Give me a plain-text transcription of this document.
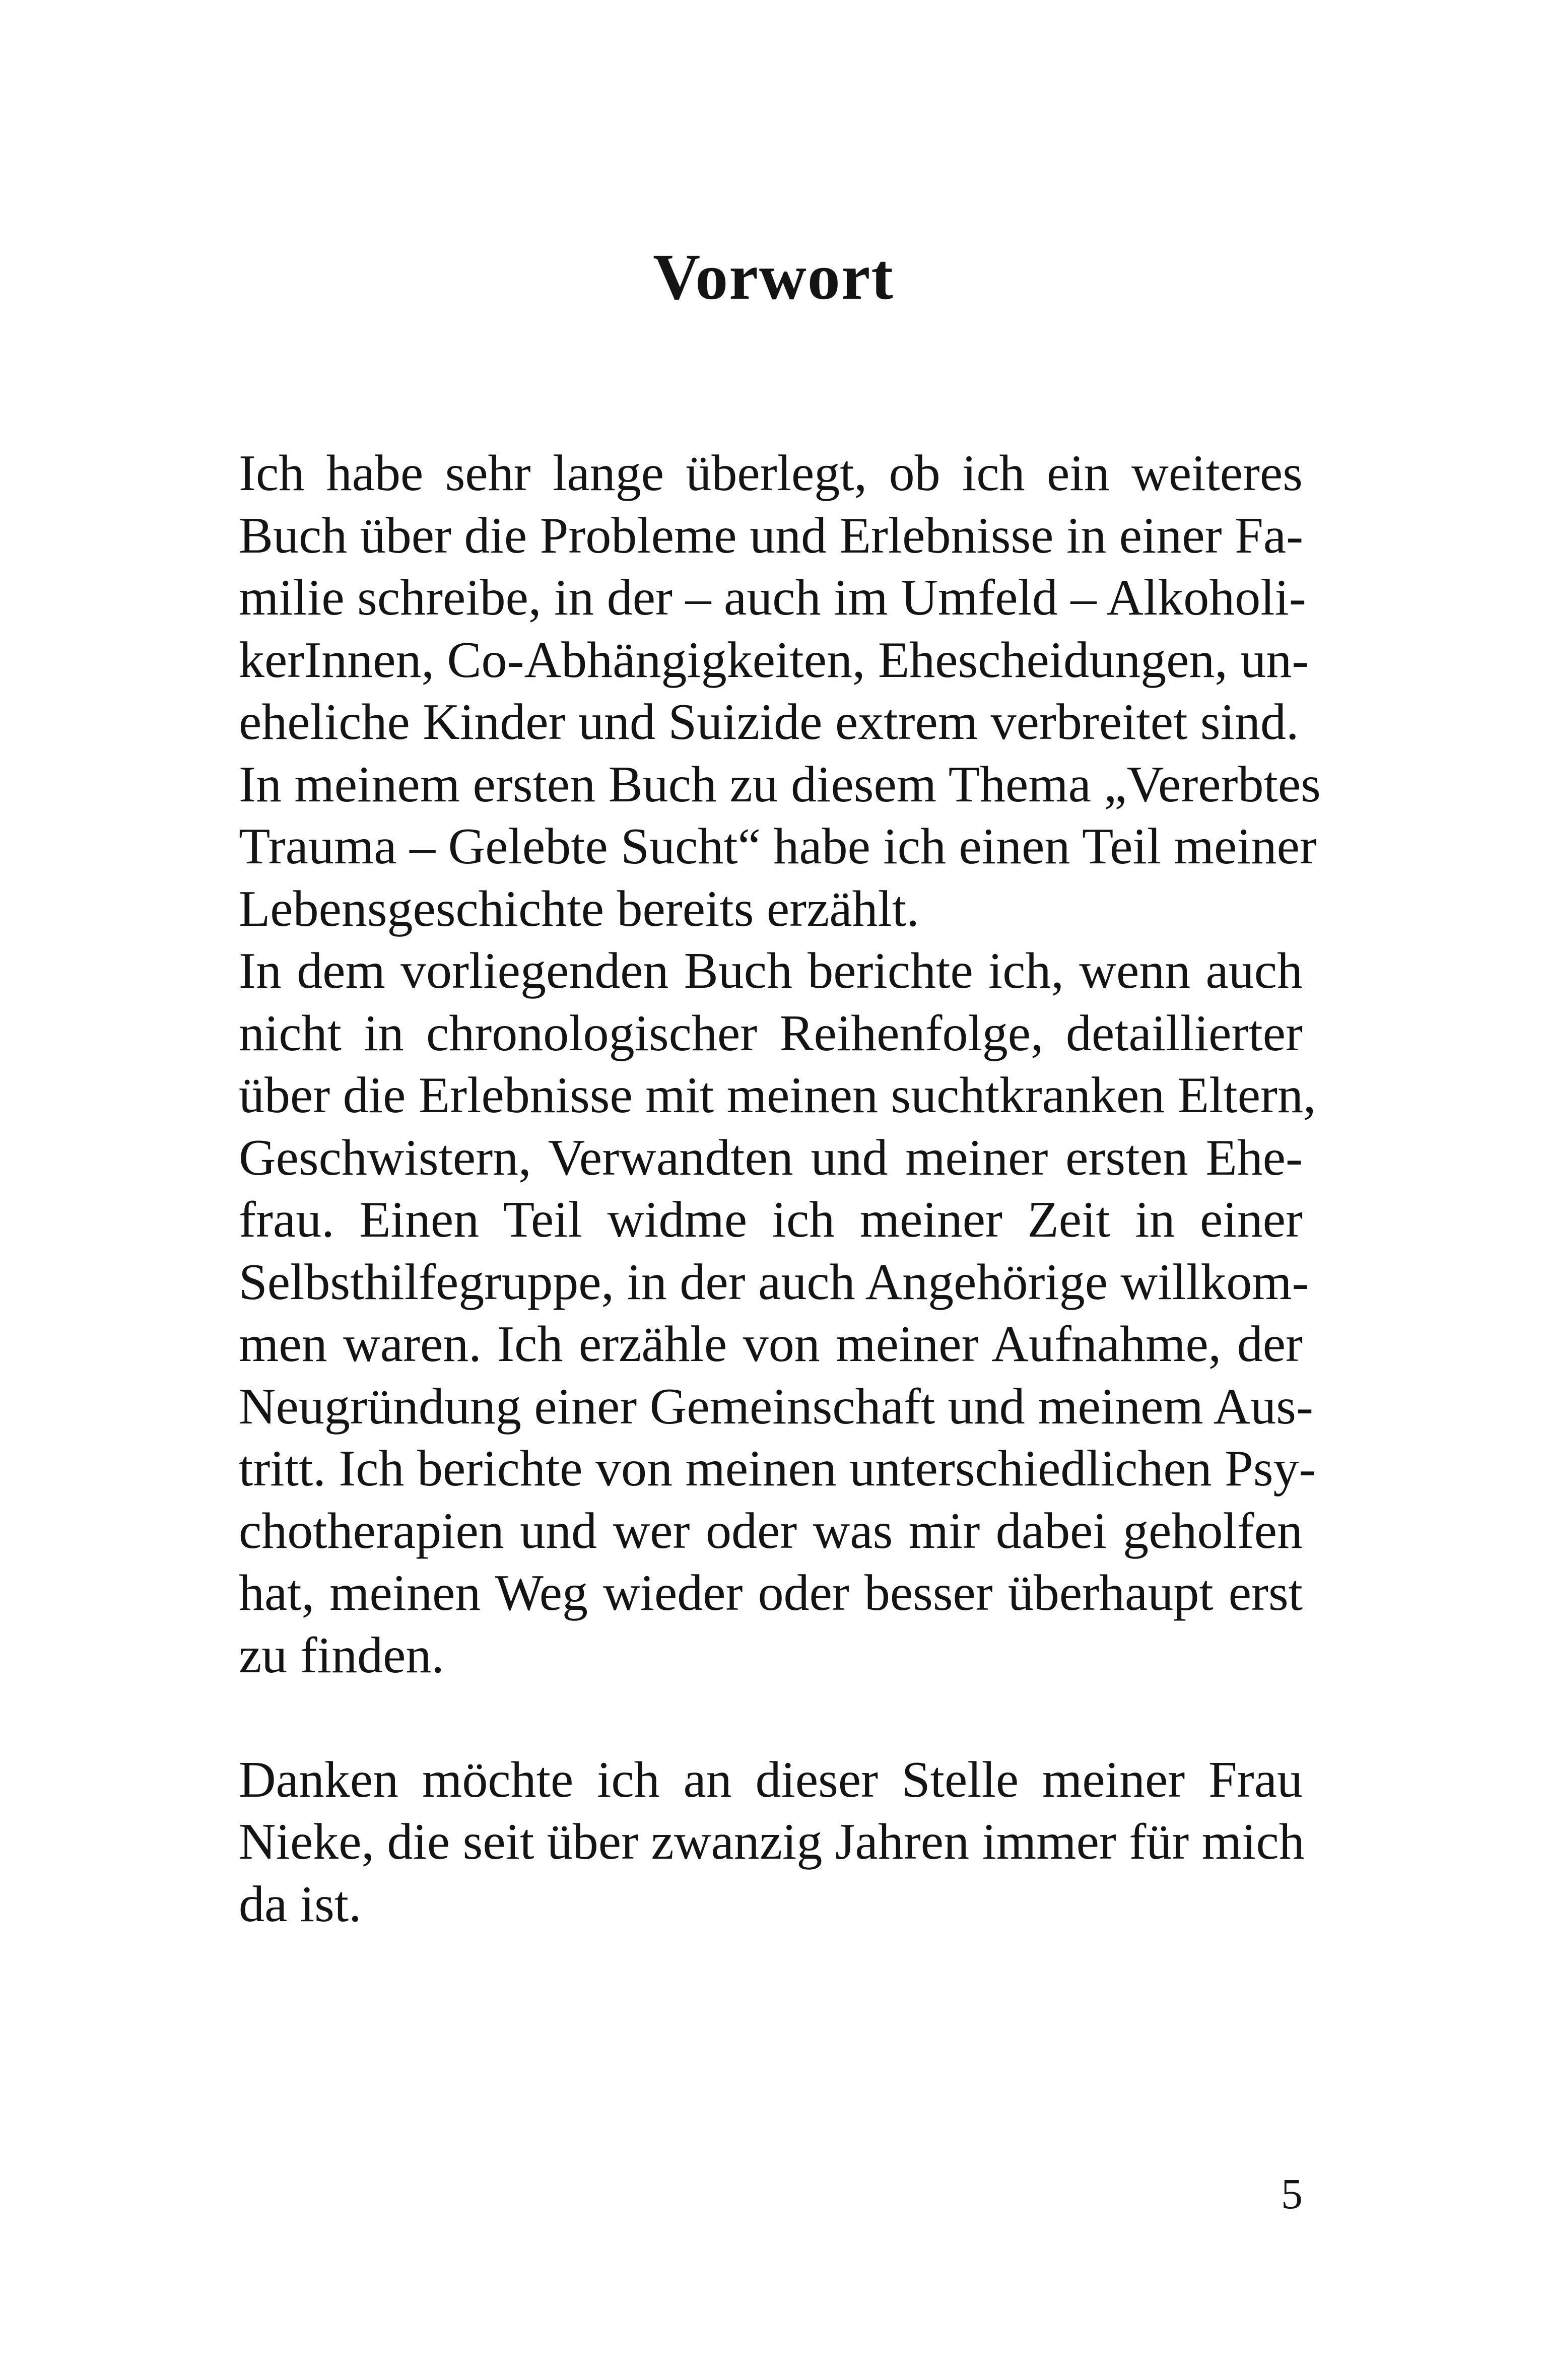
Vorwort
Ich habe sehr lange überlegt, ob ich ein weiteres
Buch über die Probleme und Erlebnisse in einer Fa-
milie schreibe, in der – auch im Umfeld – Alkoholi-
kerInnen, Co-Abhängigkeiten, Ehescheidungen, un-
eheliche Kinder und Suizide extrem verbreitet sind.
In meinem ersten Buch zu diesem Thema „Vererbtes
Trauma – Gelebte Sucht“ habe ich einen Teil meiner
Lebensgeschichte bereits erzählt.
In dem vorliegenden Buch berichte ich, wenn auch
nicht in chronologischer Reihenfolge, detaillierter
über die Erlebnisse mit meinen suchtkranken Eltern,
Geschwistern, Verwandten und meiner ersten Ehe-
frau. Einen Teil widme ich meiner Zeit in einer
Selbsthilfegruppe, in der auch Angehörige willkom-
men waren. Ich erzähle von meiner Aufnahme, der
Neugründung einer Gemeinschaft und meinem Aus-
tritt. Ich berichte von meinen unterschiedlichen Psy-
chotherapien und wer oder was mir dabei geholfen
hat, meinen Weg wieder oder besser überhaupt erst
zu finden.
Danken möchte ich an dieser Stelle meiner Frau
Nieke, die seit über zwanzig Jahren immer für mich
da ist.
5
